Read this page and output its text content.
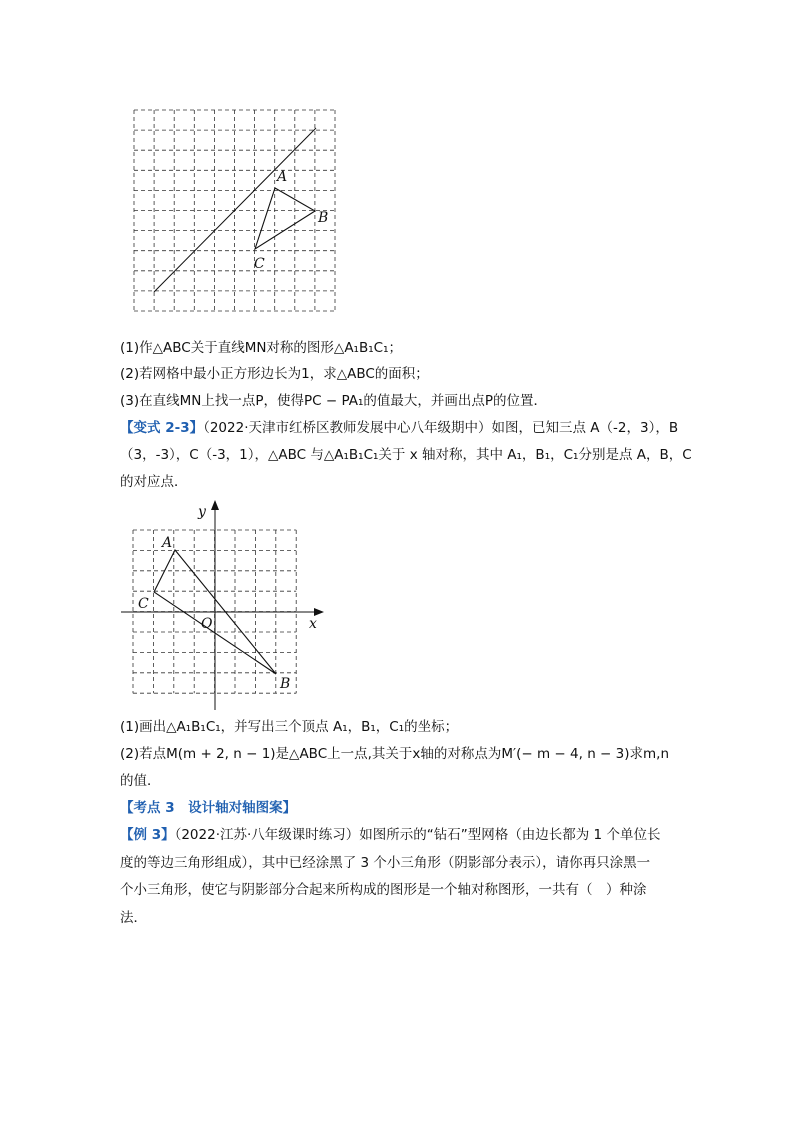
A
B
C
(1)作△ABC关于直线MN对称的图形△A₁B₁C₁；
(2)若网格中最小正方形边长为1，求△ABC的面积；
(3)在直线MN上找一点P，使得PC − PA₁的值最大，并画出点P的位置．
【变式 2-3】（2022·天津市红桥区教师发展中心八年级期中）如图，已知三点 A（-2，3），B
（3，-3），C（-3，1），△ABC 与△A₁B₁C₁关于 x 轴对称，其中 A₁，B₁，C₁分别是点 A，B，C
的对应点．
A
B
C
O	x
y
(1)画出△A₁B₁C₁，并写出三个顶点 A₁，B₁，C₁的坐标；
(2)若点M(m + 2, n − 1)是△ABC上一点,其关于x轴的对称点为M′(− m − 4, n − 3)求m,n
的值．
【考点 3　设计轴对轴图案】
【例 3】（2022·江苏·八年级课时练习）如图所示的“钻石”型网格（由边长都为 1 个单位长
度的等边三角形组成），其中已经涂黑了 3 个小三角形（阴影部分表示），请你再只涂黑一
个小三角形，使它与阴影部分合起来所构成的图形是一个轴对称图形，一共有（　）种涂
法．
